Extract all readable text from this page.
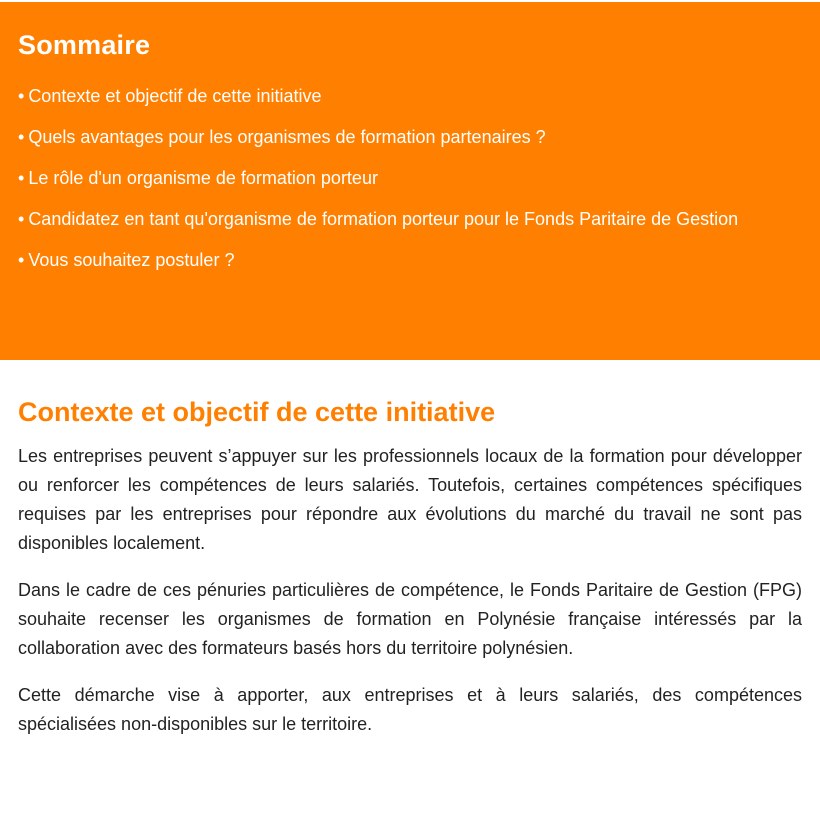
Sommaire
• Contexte et objectif de cette initiative
• Quels avantages pour les organismes de formation partenaires ?
• Le rôle d'un organisme de formation porteur
• Candidatez en tant qu'organisme de formation porteur pour le Fonds Paritaire de Gestion
• Vous souhaitez postuler ?
Contexte et objectif de cette initiative

Les entreprises peuvent s’appuyer sur les professionnels locaux de la formation pour développer ou renforcer les compétences de leurs salariés. Toutefois, certaines compétences spécifiques requises par les entreprises pour répondre aux évolutions du marché du travail ne sont pas disponibles localement.

Dans le cadre de ces pénuries particulières de compétence, le Fonds Paritaire de Gestion (FPG) souhaite recenser les organismes de formation en Polynésie française intéressés par la collaboration avec des formateurs basés hors du territoire polynésien.

Cette démarche vise à apporter, aux entreprises et à leurs salariés, des compétences spécialisées non-disponibles sur le territoire.
